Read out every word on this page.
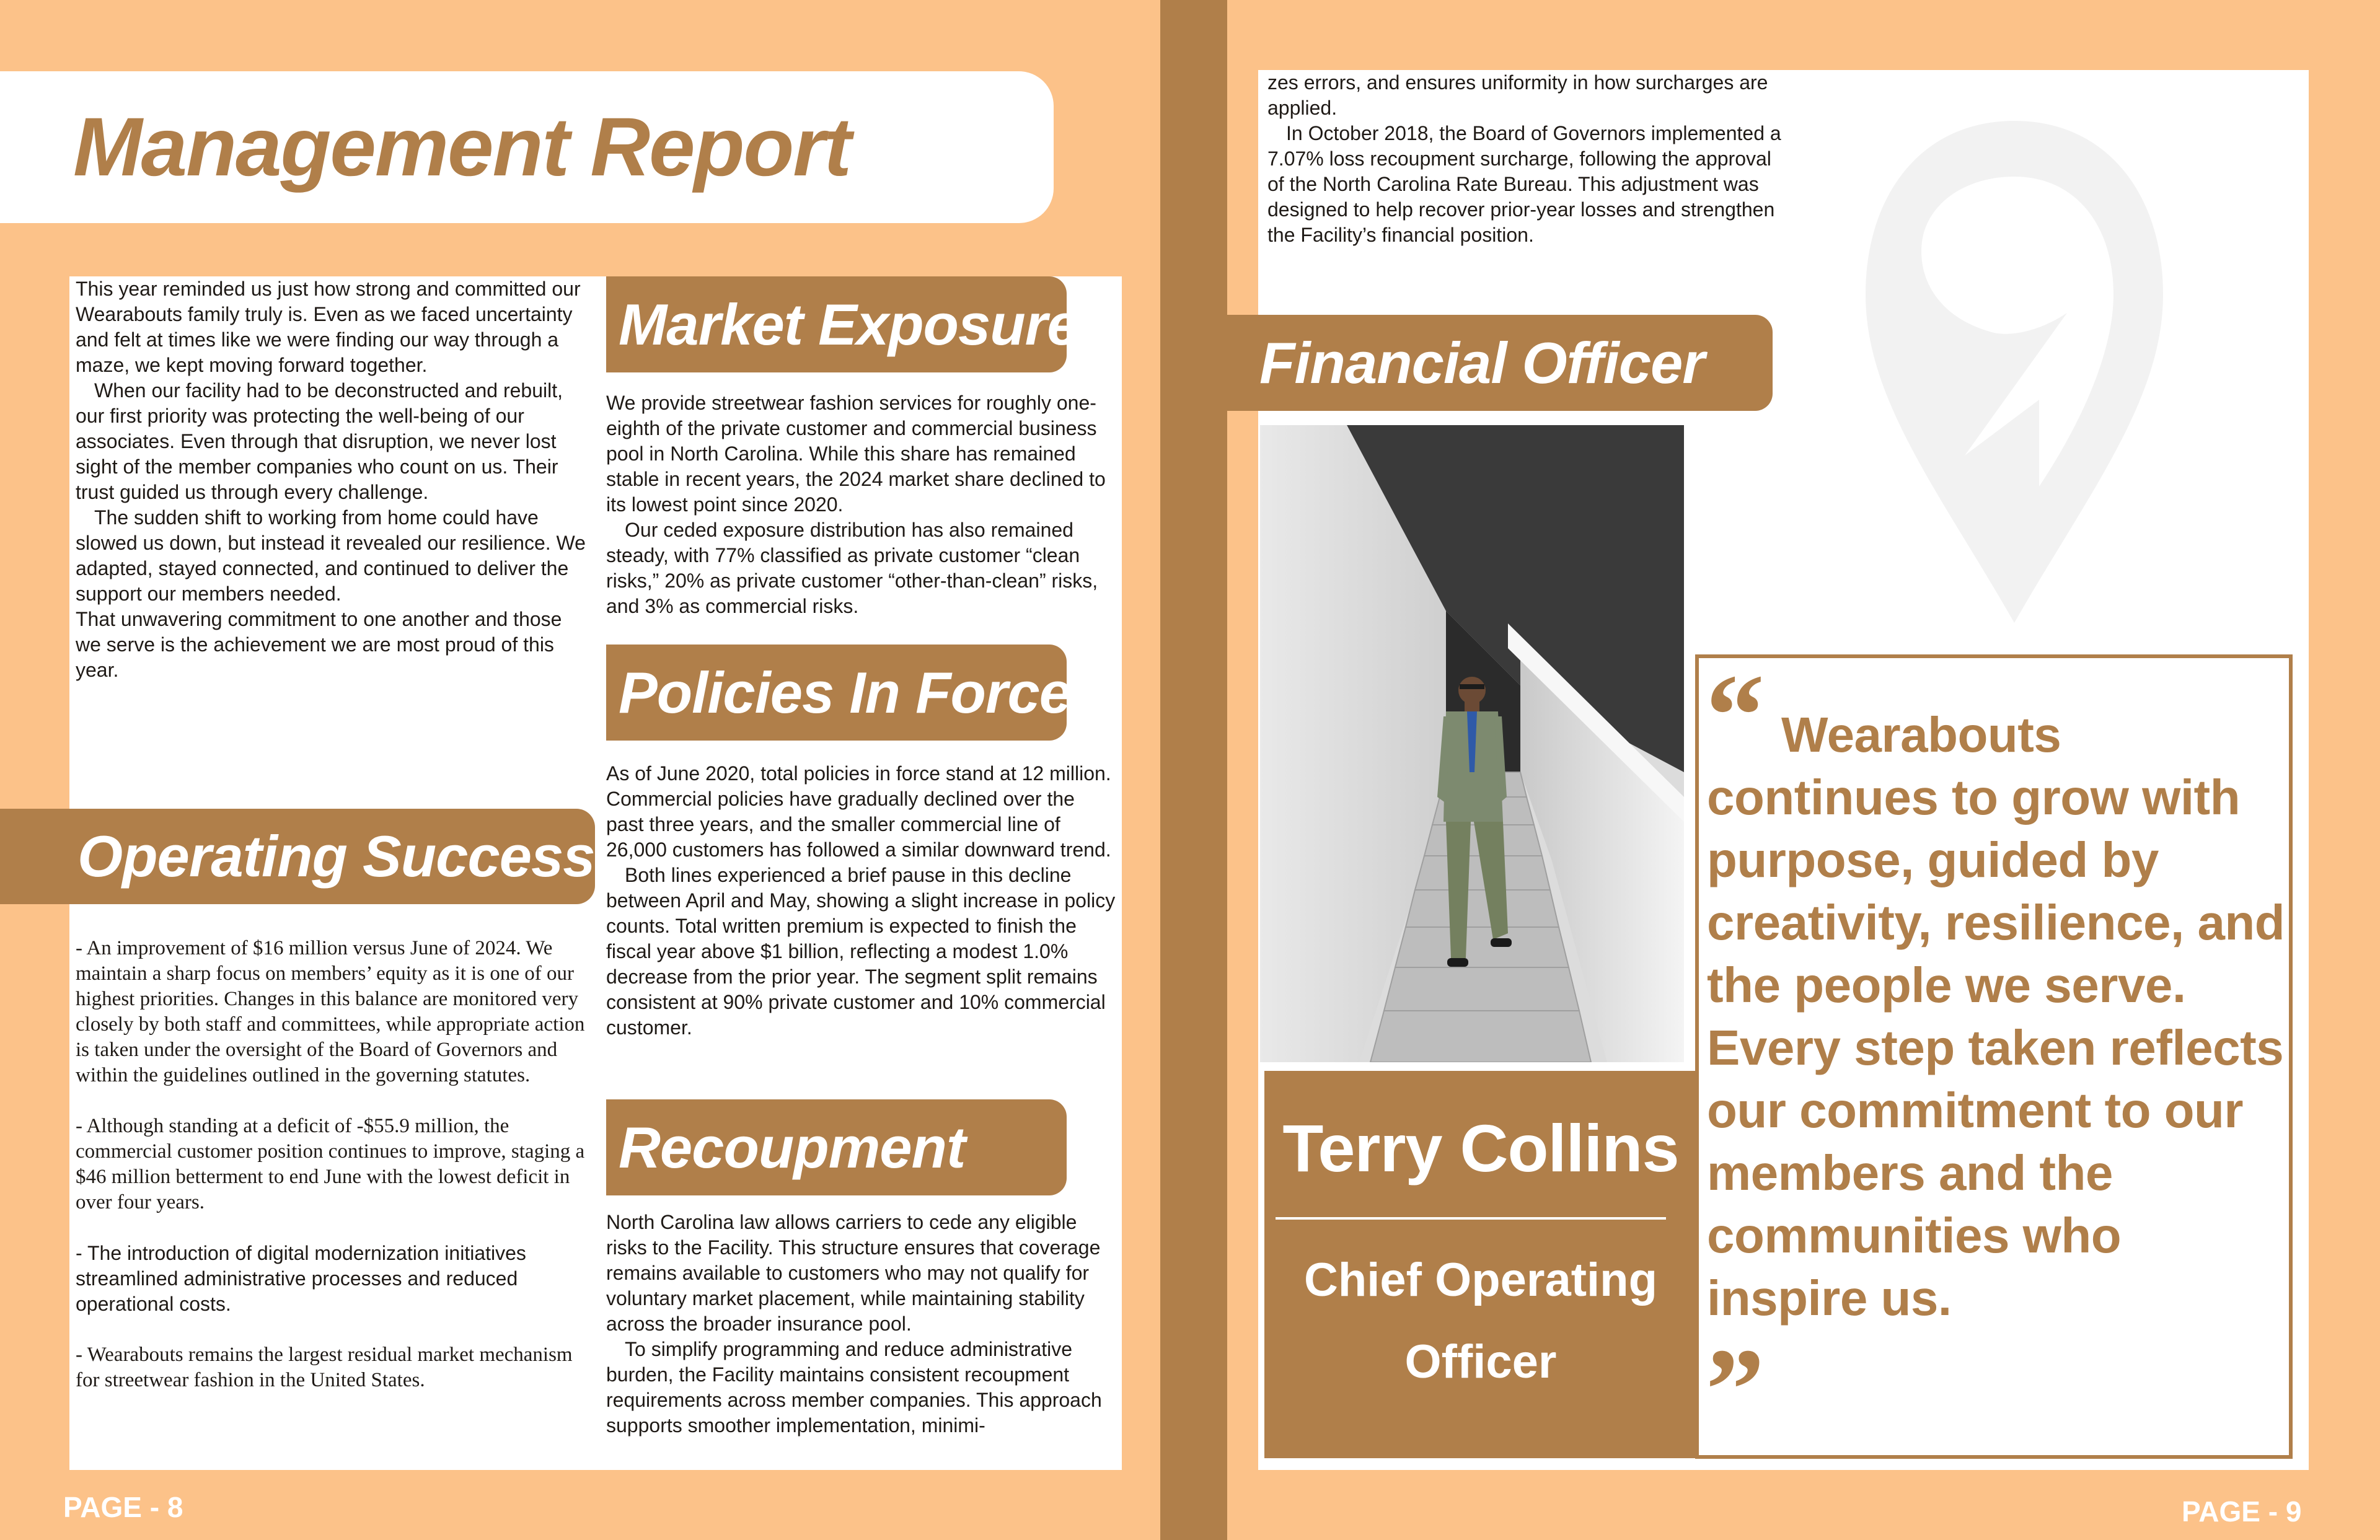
Management Report

This year reminded us just how strong and committed our Wearabouts family truly is. Even as we faced uncertainty and felt at times like we were finding our way through a maze, we kept moving forward together.

When our facility had to be deconstructed and rebuilt, our first priority was protecting the well-being of our associates. Even through that disruption, we never lost sight of the member companies who count on us. Their trust guided us through every challenge.

The sudden shift to working from home could have slowed us down, but instead it revealed our resilience. We adapted, stayed connected, and continued to deliver the support our members needed.

That unwavering commitment to one another and those we serve is the achievement we are most proud of this year.

Operating Success

- An improvement of $16 million versus June of 2024. We maintain a sharp focus on members’ equity as it is one of our highest priorities. Changes in this balance are monitored very closely by both staff and committees, while appropriate action is taken under the oversight of the Board of Governors and within the guidelines outlined in the governing statutes.

- Although standing at a deficit of -$55.9 million, the commercial customer position continues to improve, staging a $46 million betterment to end June with the lowest deficit in over four years.

- The introduction of digital modernization initiatives streamlined administrative processes and reduced operational costs.

- Wearabouts remains the largest residual market mechanism for streetwear fashion in the United States.

Market Exposure

We provide streetwear fashion services for roughly one-eighth of the private customer and commercial business pool in North Carolina. While this share has remained stable in recent years, the 2024 market share declined to its lowest point since 2020.

Our ceded exposure distribution has also remained steady, with 77% classified as private customer “clean risks,” 20% as private customer “other-than-clean” risks, and 3% as commercial risks.

Policies In Force

As of June 2020, total policies in force stand at 12 million. Commercial policies have gradually declined over the past three years, and the smaller commercial line of 26,000 customers has followed a similar downward trend.

Both lines experienced a brief pause in this decline between April and May, showing a slight increase in policy counts. Total written premium is expected to finish the fiscal year above $1 billion, reflecting a modest 1.0% decrease from the prior year. The segment split remains consistent at 90% private customer and 10% commercial customer.

Recoupment

North Carolina law allows carriers to cede any eligible risks to the Facility. This structure ensures that coverage remains available to customers who may not qualify for voluntary market placement, while maintaining stability across the broader insurance pool.

To simplify programming and reduce administrative burden, the Facility maintains consistent recoupment requirements across member companies. This approach supports smoother implementation, minimi-

PAGE - 8

zes errors, and ensures uniformity in how surcharges are applied.

In October 2018, the Board of Governors implemented a 7.07% loss recoupment surcharge, following the approval of the North Carolina Rate Bureau. This adjustment was designed to help recover prior-year losses and strengthen the Facility’s financial position.

Financial Officer
Terry Collins
Chief Operating Officer
“ Wearabouts continues to grow with purpose, guided by creativity, resilience, and the people we serve. Every step taken reflects our commitment to our members and the communities who inspire us.
”
PAGE - 9
